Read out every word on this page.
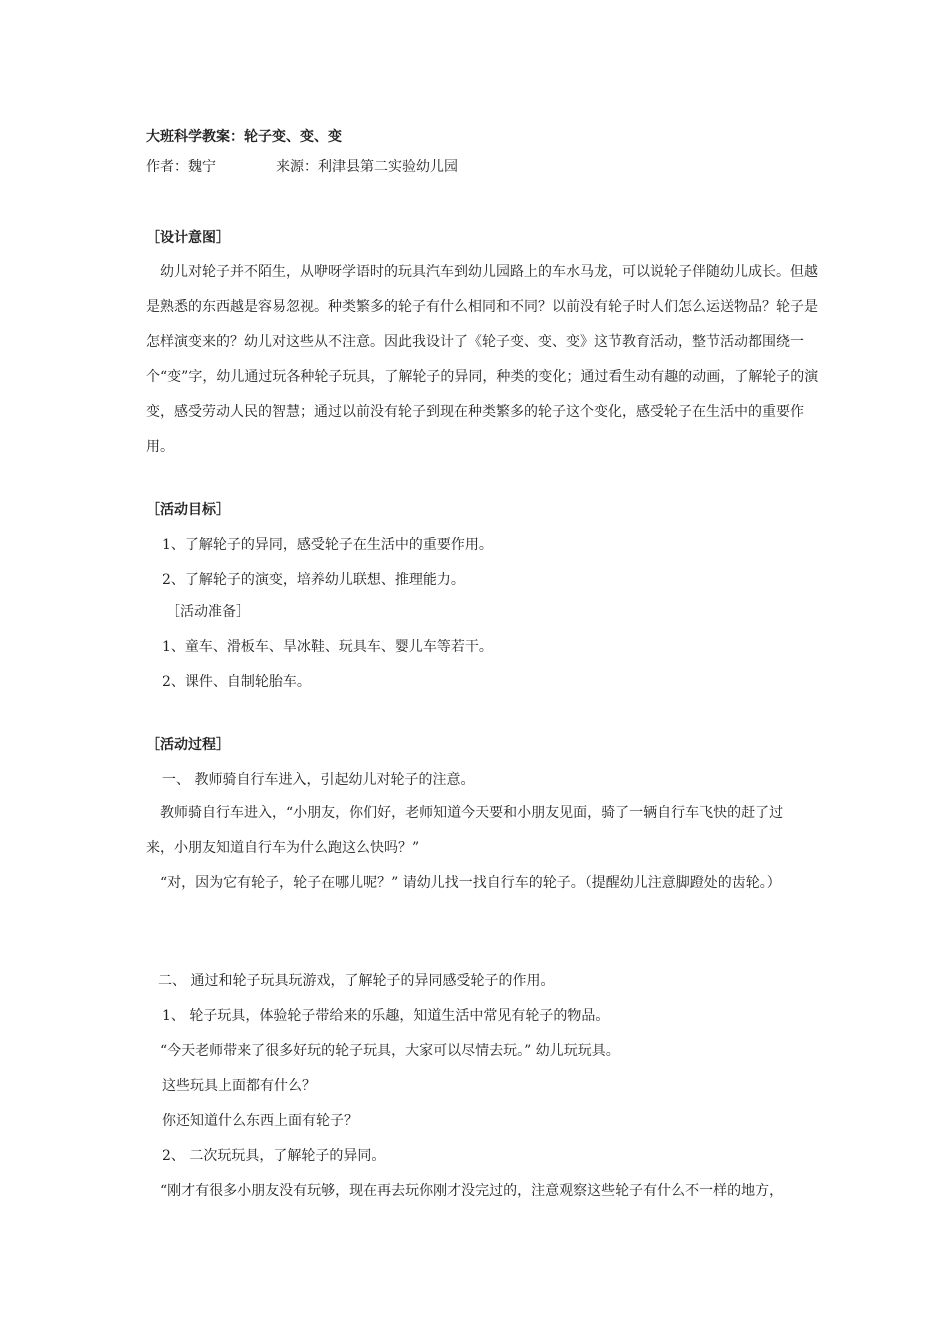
大班科学教案：轮子变、变、变
作者：魏宁	来源：利津县第二实验幼儿园
［设计意图］

幼儿对轮子并不陌生，从咿呀学语时的玩具汽车到幼儿园路上的车水马龙，可以说轮子伴随幼儿成长。但越是熟悉的东西越是容易忽视。种类繁多的轮子有什么相同和不同？以前没有轮子时人们怎么运送物品？轮子是怎样演变来的？幼儿对这些从不注意。因此我设计了《轮子变、变、变》这节教育活动，整节活动都围绕一个“变”字，幼儿通过玩各种轮子玩具，了解轮子的异同，种类的变化；通过看生动有趣的动画，了解轮子的演变，感受劳动人民的智慧；通过以前没有轮子到现在种类繁多的轮子这个变化，感受轮子在生活中的重要作用。

［活动目标］
1、了解轮子的异同，感受轮子在生活中的重要作用。
2、了解轮子的演变，培养幼儿联想、推理能力。
［活动准备］
1、童车、滑板车、旱冰鞋、玩具车、婴儿车等若干。
2、课件、自制轮胎车。
［活动过程］
一、 教师骑自行车进入，引起幼儿对轮子的注意。

教师骑自行车进入，“小朋友，你们好，老师知道今天要和小朋友见面，骑了一辆自行车飞快的赶了过来，小朋友知道自行车为什么跑这么快吗？”

“对，因为它有轮子，轮子在哪儿呢？” 请幼儿找一找自行车的轮子。（提醒幼儿注意脚蹬处的齿轮。）

二、 通过和轮子玩具玩游戏，了解轮子的异同感受轮子的作用。
1、 轮子玩具，体验轮子带给来的乐趣，知道生活中常见有轮子的物品。
“今天老师带来了很多好玩的轮子玩具，大家可以尽情去玩。” 幼儿玩玩具。
这些玩具上面都有什么？
你还知道什么东西上面有轮子？
2、 二次玩玩具，了解轮子的异同。
“刚才有很多小朋友没有玩够，现在再去玩你刚才没完过的，注意观察这些轮子有什么不一样的地方，
